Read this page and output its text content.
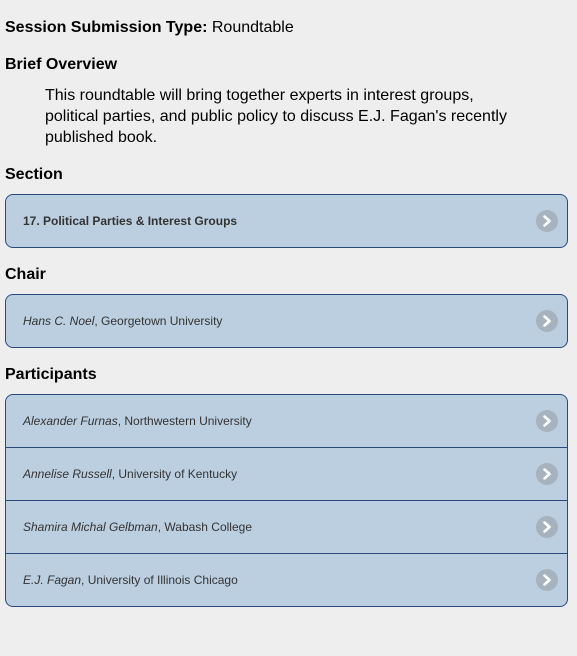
Session Submission Type: Roundtable
Brief Overview
This roundtable will bring together experts in interest groups, political parties, and public policy to discuss E.J. Fagan's recently published book.
Section
17. Political Parties & Interest Groups
Chair
Hans C. Noel, Georgetown University
Participants
Alexander Furnas, Northwestern University
Annelise Russell, University of Kentucky
Shamira Michal Gelbman, Wabash College
E.J. Fagan, University of Illinois Chicago
